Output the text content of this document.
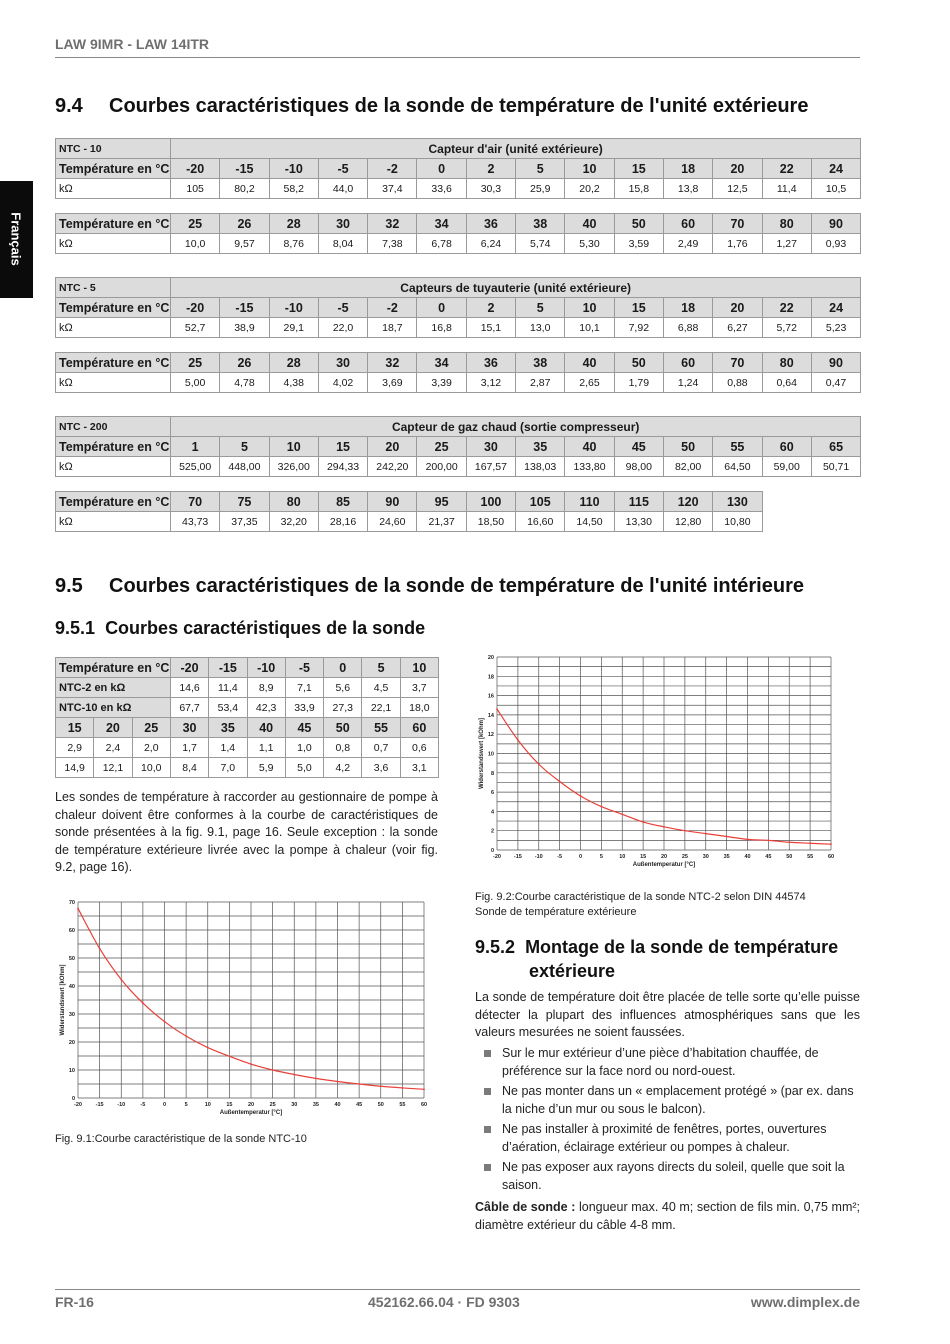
LAW 9IMR - LAW 14ITR
Français
9.4 Courbes caractéristiques de la sonde de température de l'unité extérieure
NTC - 10	Capteur d'air (unité extérieure)													
Température en °C	-20	-15	-10	-5	-2	0	2	5	10	15	18	20	22	24
kΩ	105	80,2	58,2	44,0	37,4	33,6	30,3	25,9	20,2	15,8	13,8	12,5	11,4	10,5
Température en °C	25	26	28	30	32	34	36	38	40	50	60	70	80	90
kΩ	10,0	9,57	8,76	8,04	7,38	6,78	6,24	5,74	5,30	3,59	2,49	1,76	1,27	0,93
NTC - 5	Capteurs de tuyauterie (unité extérieure)													
Température en °C	-20	-15	-10	-5	-2	0	2	5	10	15	18	20	22	24
kΩ	52,7	38,9	29,1	22,0	18,7	16,8	15,1	13,0	10,1	7,92	6,88	6,27	5,72	5,23
Température en °C	25	26	28	30	32	34	36	38	40	50	60	70	80	90
kΩ	5,00	4,78	4,38	4,02	3,69	3,39	3,12	2,87	2,65	1,79	1,24	0,88	0,64	0,47
NTC - 200	Capteur de gaz chaud (sortie compresseur)													
Température en °C	1	5	10	15	20	25	30	35	40	45	50	55	60	65
kΩ	525,00	448,00	326,00	294,33	242,20	200,00	167,57	138,03	133,80	98,00	82,00	64,50	59,00	50,71
Température en °C	70	75	80	85	90	95	100	105	110	115	120	130
kΩ	43,73	37,35	32,20	28,16	24,60	21,37	18,50	16,60	14,50	13,30	12,80	10,80
9.5 Courbes caractéristiques de la sonde de température de l'unité intérieure
9.5.1 Courbes caractéristiques de la sonde
Température en °C			-20	-15	-10	-5	0	5	10
NTC-2 en kΩ			14,6	11,4	8,9	7,1	5,6	4,5	3,7
NTC-10 en kΩ			67,7	53,4	42,3	33,9	27,3	22,1	18,0
15	20	25	30	35	40	45	50	55	60
2,9	2,4	2,0	1,7	1,4	1,1	1,0	0,8	0,7	0,6
14,9	12,1	10,0	8,4	7,0	5,9	5,0	4,2	3,6	3,1
Les sondes de température à raccorder au gestionnaire de pompe à chaleur doivent être conformes à la courbe de caractéristiques de sonde présentées à la fig. 9.1, page 16. Seule exception : la sonde de température extérieure livrée avec la pompe à chaleur (voir fig. 9.2, page 16).
-20 -15 -10	-5	0	5	10	15	20	25	30	35	40	45	50	55	60
0
10
20
30
40
50
60
70
Außentemperatur [°C]
Widerstandswert [kOhm]
Fig. 9.1:Courbe caractéristique de la sonde NTC-10
-20 -15 -10	-5	0	5	10	15	20	25	30	35	40	45	50	55	60
0
2
4
6
8
10
12
14
16
18
20
Außentemperatur [°C]
Widerstandswert [kOhm]
Fig. 9.2:Courbe caractéristique de la sonde NTC-2 selon DIN 44574
Sonde de température extérieure
9.5.2 Montage de la sonde de température
extérieure
La sonde de température doit être placée de telle sorte qu’elle puisse détecter la plupart des influences atmosphériques sans que les valeurs mesurées ne soient faussées.
Sur le mur extérieur d’une pièce d’habitation chauffée, de préférence sur la face nord ou nord-ouest.
Ne pas monter dans un « emplacement protégé » (par ex. dans la niche d’un mur ou sous le balcon).
Ne pas installer à proximité de fenêtres, portes, ouvertures d’aération, éclairage extérieur ou pompes à chaleur.
Ne pas exposer aux rayons directs du soleil, quelle que soit la saison.
Câble de sonde : longueur max. 40 m; section de fils min. 0,75 mm²; diamètre extérieur du câble 4-8 mm.
FR-16	452162.66.04 · FD 9303	www.dimplex.de
